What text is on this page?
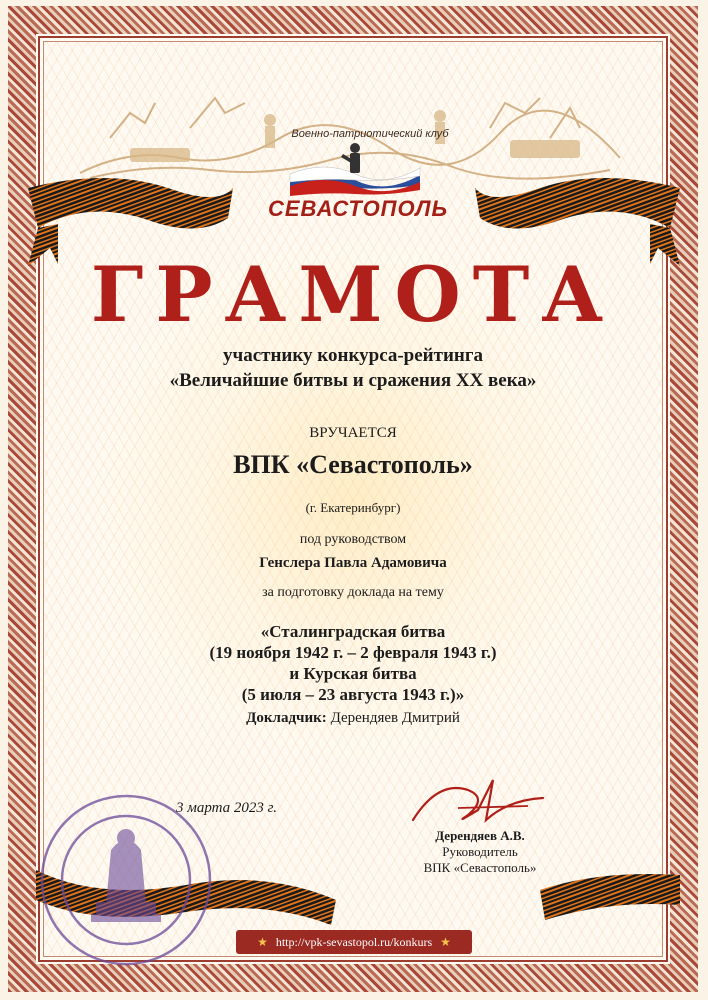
Военно-патриотический клуб
СЕВАСТОПОЛЬ
ГРАМОТА
участнику конкурса-рейтинга
«Величайшие битвы и сражения XX века»
ВРУЧАЕТСЯ
ВПК «Севастополь»
(г. Екатеринбург)
под руководством
Генслера Павла Адамовича
за подготовку доклада на тему
«Сталинградская битва
(19 ноября 1942 г. – 2 февраля 1943 г.)
и Курская битва
(5 июля – 23 августа 1943 г.)»
Докладчик: Дерендяев Дмитрий
3 марта 2023 г.
Дерендяев А.В.
Руководитель
ВПК «Севастополь»
★ http://vpk-sevastopol.ru/konkurs ★
